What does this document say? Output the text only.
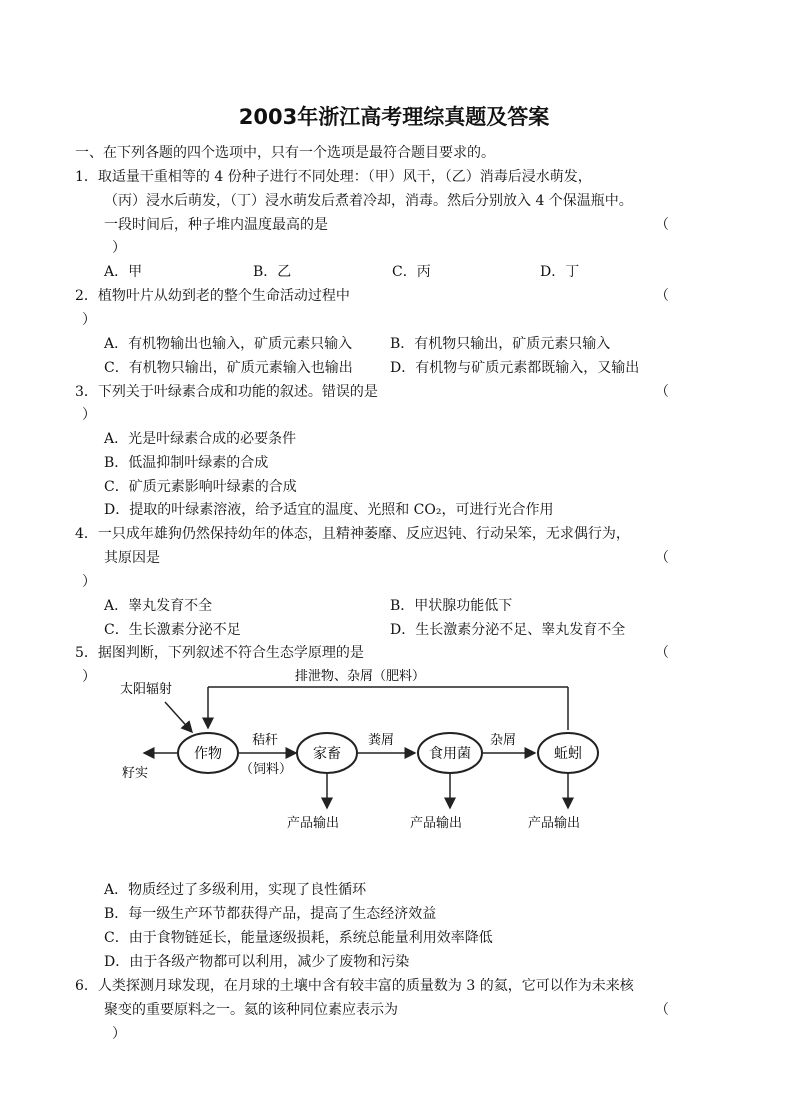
2003年浙江高考理综真题及答案
一、在下列各题的四个选项中，只有一个选项是最符合题目要求的。
1．取适量干重相等的 4 份种子进行不同处理：（甲）风干，（乙）消毒后浸水萌发，
（丙）浸水后萌发，（丁）浸水萌发后煮着冷却，消毒。然后分别放入 4 个保温瓶中。
一段时间后，种子堆内温度最高的是	（
）
A．甲	B．乙	C．丙	D．丁
2．植物叶片从幼到老的整个生命活动过程中	（
）
A．有机物输出也输入，矿质元素只输入	B．有机物只输出，矿质元素只输入
C．有机物只输出，矿质元素输入也输出	D．有机物与矿质元素都既输入，又输出
3．下列关于叶绿素合成和功能的叙述。错误的是	（
）
A．光是叶绿素合成的必要条件
B．低温抑制叶绿素的合成
C．矿质元素影响叶绿素的合成
D．提取的叶绿素溶液，给予适宜的温度、光照和 CO₂，可进行光合作用
4．一只成年雄狗仍然保持幼年的体态，且精神萎靡、反应迟钝、行动呆笨，无求偶行为，
其原因是	（
）
A．睾丸发育不全	B．甲状腺功能低下
C．生长激素分泌不足	D．生长激素分泌不足、睾丸发育不全
5．据图判断，下列叙述不符合生态学原理的是	（
）	排泄物、杂屑（肥料）
太阳辐射
作物
籽实
秸秆
（饲料）
家畜
产品输出
粪屑
食用菌
产品输出
杂屑
蚯蚓
产品输出
A．物质经过了多级利用，实现了良性循环
B．每一级生产环节都获得产品，提高了生态经济效益
C．由于食物链延长，能量逐级损耗，系统总能量利用效率降低
D．由于各级产物都可以利用，减少了废物和污染
6．人类探测月球发现，在月球的土壤中含有较丰富的质量数为 3 的氦，它可以作为未来核
聚变的重要原料之一。氦的该种同位素应表示为	（
）
